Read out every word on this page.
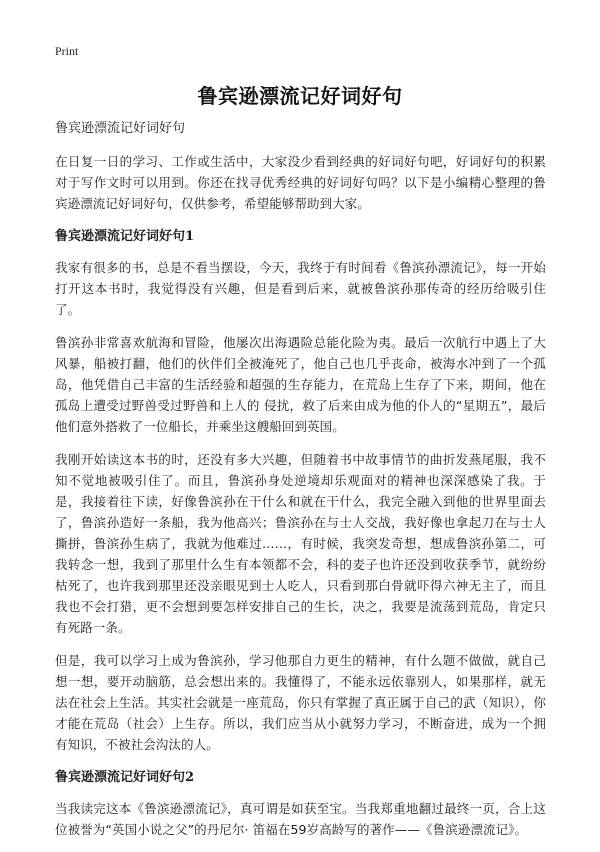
Print
鲁宾逊漂流记好词好句
鲁宾逊漂流记好词好句

在日复一日的学习、工作或生活中，大家没少看到经典的好词好句吧，好词好句的积累对于写作文时可以用到。你还在找寻优秀经典的好词好句吗？以下是小编精心整理的鲁宾逊漂流记好词好句，仅供参考，希望能够帮助到大家。

鲁宾逊漂流记好词好句1

我家有很多的书，总是不看当摆设，今天，我终于有时间看《鲁滨孙漂流记》，每一开始打开这本书时，我觉得没有兴趣，但是看到后来，就被鲁滨孙那传奇的经历给吸引住了。

鲁滨孙非常喜欢航海和冒险，他屡次出海遇险总能化险为夷。最后一次航行中遇上了大风暴，船被打翻，他们的伙伴们全被淹死了，他自己也几乎丧命，被海水冲到了一个孤岛，他凭借自己丰富的生活经验和超强的生存能力，在荒岛上生存了下来，期间，他在孤岛上遭受过野兽受过野兽和上人的 侵扰，救了后来由成为他的仆人的“星期五”，最后他们意外搭救了一位船长，并乘坐这艘船回到英国。

我刚开始读这本书的时，还没有多大兴趣，但随着书中故事情节的曲折发燕尾服，我不知不觉地被吸引住了。而且，鲁滨孙身处逆境却乐观面对的精神也深深感染了我。于是，我接着往下读，好像鲁滨孙在干什么和就在干什么，我完全融入到他的世界里面去了，鲁滨孙造好一条船，我为他高兴；鲁滨孙在与士人交战，我好像也拿起刀在与士人撕拼，鲁滨孙生病了，我就为他难过……，有时候，我突发奇想，想成鲁滨孙第二，可我转念一想，我到了那里什么生有本领都不会，科的麦子也许还没到收获季节，就纷纷枯死了，也许我到那里还没亲眼见到士人吃人，只看到那白骨就吓得六神无主了，而且我也不会打猎，更不会想到要怎样安排自己的生长，决之，我要是流荡到荒岛，肯定只有死路一条。

但是，我可以学习上成为鲁滨孙，学习他那自力更生的精神，有什么题不做做，就自己想一想，要开动脑筋，总会想出来的。我懂得了，不能永远依靠别人，如果那样，就无法在社会上生活。其实社会就是一座荒岛，你只有掌握了真正属于自己的武（知识），你才能在荒岛（社会）上生存。所以，我们应当从小就努力学习，不断奋进，成为一个拥有知识，不被社会沟汰的人。

鲁宾逊漂流记好词好句2

当我读完这本《鲁滨逊漂流记》，真可谓是如获至宝。当我郑重地翻过最终一页，合上这位被誉为“英国小说之父”的丹尼尔· 笛福在59岁高龄写的著作——《鲁滨逊漂流记》。
